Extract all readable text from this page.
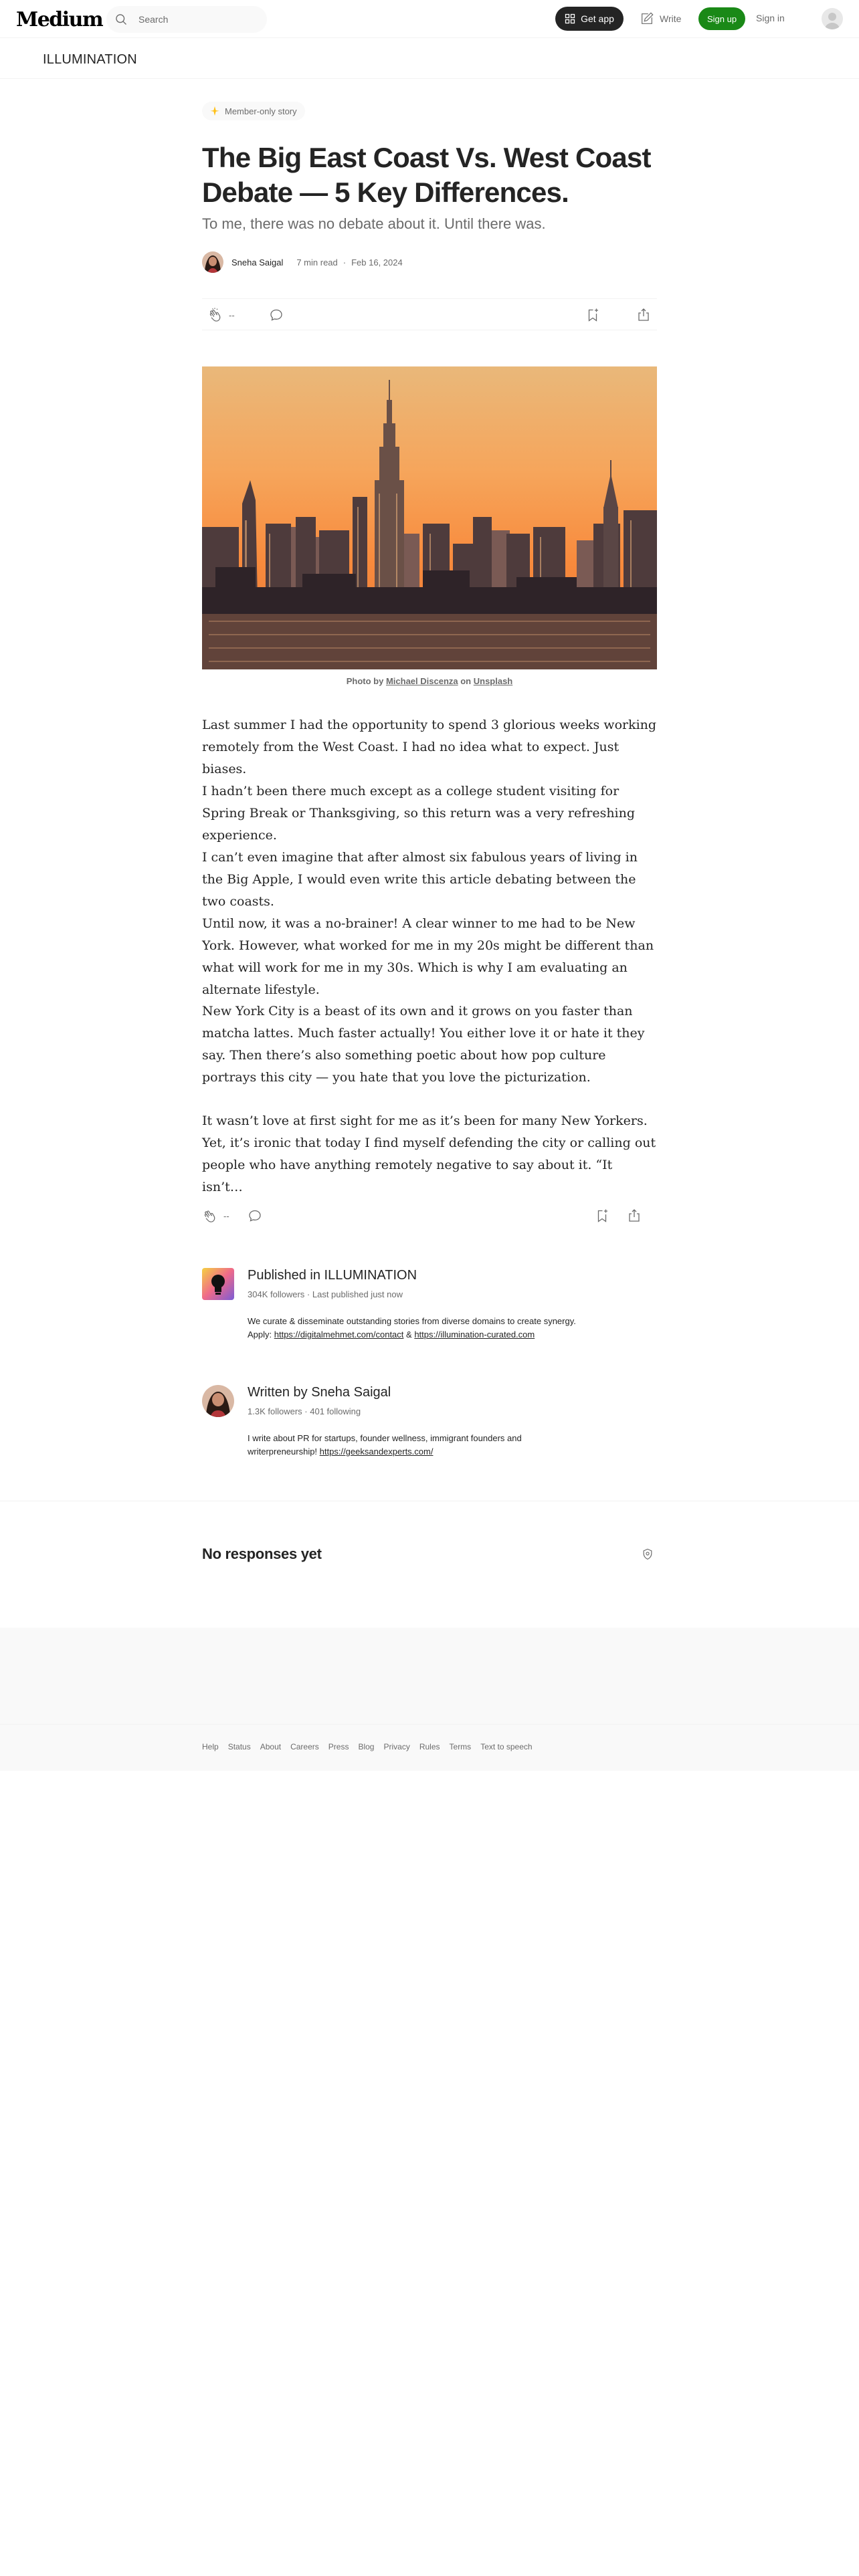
Medium
Search	Get app	Write	Sign up	Sign in
ILLUMINATION
Member-only story
The Big East Coast Vs. West Coast Debate — 5 Key Differences.
To me, there was no debate about it. Until there was.
Sneha Saigal 7 min read · Feb 16, 2024
--
Photo by Michael Discenza on Unsplash

Last summer I had the opportunity to spend 3 glorious weeks working remotely from the West Coast. I had no idea what to expect. Just biases.

I hadn’t been there much except as a college student visiting for Spring Break or Thanksgiving, so this return was a very refreshing experience.

I can’t even imagine that after almost six fabulous years of living in the Big Apple, I would even write this article debating between the two coasts.

Until now, it was a no-brainer! A clear winner to me had to be New York. However, what worked for me in my 20s might be different than what will work for me in my 30s. Which is why I am evaluating an alternate lifestyle.

New York City is a beast of its own and it grows on you faster than matcha lattes. Much faster actually! You either love it or hate it they say. Then there’s also something poetic about how pop culture portrays this city — you hate that you love the picturization.

It wasn’t love at first sight for me as it’s been for many New Yorkers. Yet, it’s ironic that today I find myself defending the city or calling out people who have anything remotely negative to say about it. “It isn’t…

--
Published in ILLUMINATION
304K followers · Last published just now
We curate & disseminate outstanding stories from diverse domains to create synergy. Apply: https://digitalmehmet.com/contact & https://illumination-curated.com
Written by Sneha Saigal
1.3K followers · 401 following
I write about PR for startups, founder wellness, immigrant founders and writerpreneurship! https://geeksandexperts.com/
No responses yet
Help Status About Careers Press Blog Privacy Rules Terms Text to speech
